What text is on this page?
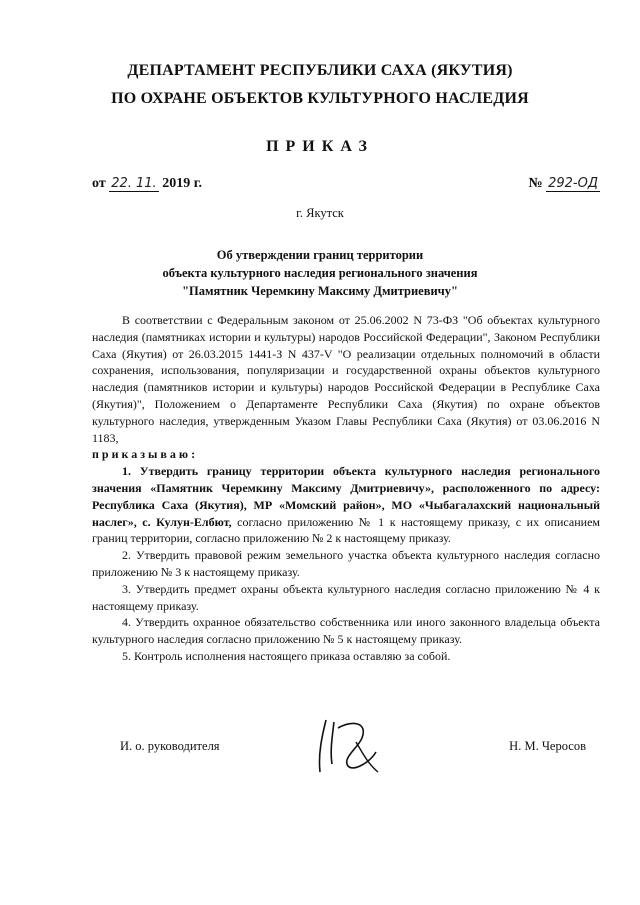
ДЕПАРТАМЕНТ РЕСПУБЛИКИ САХА (ЯКУТИЯ)
ПО ОХРАНЕ ОБЪЕКТОВ КУЛЬТУРНОГО НАСЛЕДИЯ
ПРИКАЗ
от 22. 11. 2019 г.	№ 292-ОД
г. Якутск
Об утверждении границ территории
объекта культурного наследия регионального значения
"Памятник Черемкину Максиму Дмитриевичу"

В соответствии с Федеральным законом от 25.06.2002 N 73-ФЗ "Об объектах культурного наследия (памятниках истории и культуры) народов Российской Федерации", Законом Республики Саха (Якутия) от 26.03.2015 1441-З N 437-V "О реализации отдельных полномочий в области сохранения, использования, популяризации и государственной охраны объектов культурного наследия (памятников истории и культуры) народов Российской Федерации в Республике Саха (Якутия)", Положением о Департаменте Республики Саха (Якутия) по охране объектов культурного наследия, утвержденным Указом Главы Республики Саха (Якутия) от 03.06.2016 N 1183,

приказываю:

1. Утвердить границу территории объекта культурного наследия регионального значения «Памятник Черемкину Максиму Дмитриевичу», расположенного по адресу: Республика Саха (Якутия), МР «Момский район», МО «Чыбагалахский национальный наслег», с. Кулун-Елбют, согласно приложению № 1 к настоящему приказу, с их описанием границ территории, согласно приложению № 2 к настоящему приказу.

2. Утвердить правовой режим земельного участка объекта культурного наследия согласно приложению № 3 к настоящему приказу.

3. Утвердить предмет охраны объекта культурного наследия согласно приложению № 4 к настоящему приказу.

4. Утвердить охранное обязательство собственника или иного законного владельца объекта культурного наследия согласно приложению № 5 к настоящему приказу.

5. Контроль исполнения настоящего приказа оставляю за собой.

И. о. руководителя	Н. М. Черосов
